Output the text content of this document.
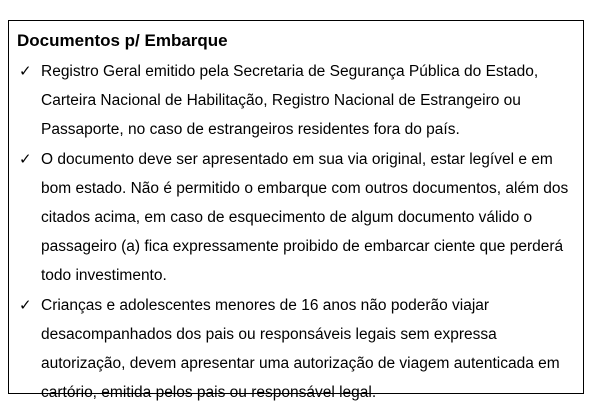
Documentos p/ Embarque
✓ Registro Geral emitido pela Secretaria de Segurança Pública do Estado,
Carteira Nacional de Habilitação, Registro Nacional de Estrangeiro ou
Passaporte, no caso de estrangeiros residentes fora do país.
✓ O documento deve ser apresentado em sua via original, estar legível e em
bom estado. Não é permitido o embarque com outros documentos, além dos
citados acima, em caso de esquecimento de algum documento válido o
passageiro (a) fica expressamente proibido de embarcar ciente que perderá
todo investimento.
✓ Crianças e adolescentes menores de 16 anos não poderão viajar
desacompanhados dos pais ou responsáveis legais sem expressa
autorização, devem apresentar uma autorização de viagem autenticada em
cartório, emitida pelos pais ou responsável legal.
